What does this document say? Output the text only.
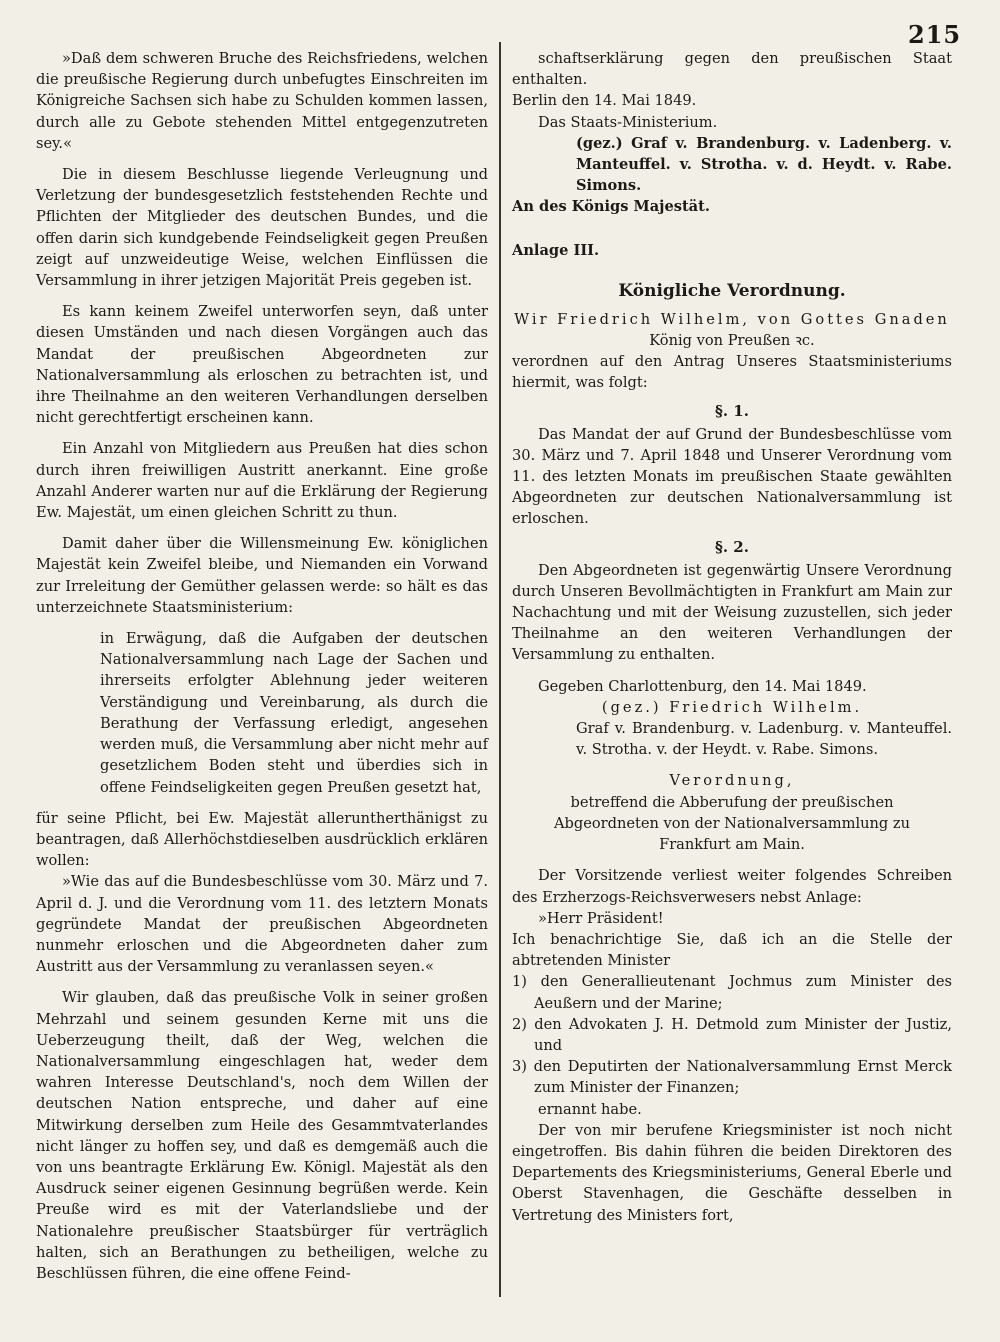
215

»Daß dem schweren Bruche des Reichsfriedens, welchen die preußische Regierung durch unbefugtes Einschreiten im Königreiche Sachsen sich habe zu Schulden kommen lassen, durch alle zu Gebote stehenden Mittel entgegenzutreten sey.«

Die in diesem Beschlusse liegende Verleugnung und Verletzung der bundesgesetzlich feststehenden Rechte und Pflichten der Mitglieder des deutschen Bundes, und die offen darin sich kundgebende Feindseligkeit gegen Preußen zeigt auf unzweideutige Weise, welchen Einflüssen die Versammlung in ihrer jetzigen Majorität Preis gegeben ist.

Es kann keinem Zweifel unterworfen seyn, daß unter diesen Umständen und nach diesen Vorgängen auch das Mandat der preußischen Abgeordneten zur Nationalversammlung als erloschen zu betrachten ist, und ihre Theilnahme an den weiteren Verhandlungen derselben nicht gerechtfertigt erscheinen kann.

Ein Anzahl von Mitgliedern aus Preußen hat dies schon durch ihren freiwilligen Austritt anerkannt. Eine große Anzahl Anderer warten nur auf die Erklärung der Regierung Ew. Majestät, um einen gleichen Schritt zu thun.

Damit daher über die Willensmeinung Ew. königlichen Majestät kein Zweifel bleibe, und Niemanden ein Vorwand zur Irreleitung der Gemüther gelassen werde: so hält es das unterzeichnete Staatsministerium:

in Erwägung, daß die Aufgaben der deutschen Nationalversammlung nach Lage der Sachen und ihrerseits erfolgter Ablehnung jeder weiteren Verständigung und Vereinbarung, als durch die Berathung der Verfassung erledigt, angesehen werden muß, die Versammlung aber nicht mehr auf gesetzlichem Boden steht und überdies sich in offene Feindseligkeiten gegen Preußen gesetzt hat,

für seine Pflicht, bei Ew. Majestät alleruntherthänigst zu beantragen, daß Allerhöchstdieselben ausdrücklich erklären wollen:

»Wie das auf die Bundesbeschlüsse vom 30. März und 7. April d. J. und die Verordnung vom 11. des letztern Monats gegründete Mandat der preußischen Abgeordneten nunmehr erloschen und die Abgeordneten daher zum Austritt aus der Versammlung zu veranlassen seyen.«

Wir glauben, daß das preußische Volk in seiner großen Mehrzahl und seinem gesunden Kerne mit uns die Ueberzeugung theilt, daß der Weg, welchen die Nationalversammlung eingeschlagen hat, weder dem wahren Interesse Deutschland's, noch dem Willen der deutschen Nation entspreche, und daher auf eine Mitwirkung derselben zum Heile des Gesammtvaterlandes nicht länger zu hoffen sey, und daß es demgemäß auch die von uns beantragte Erklärung Ew. Königl. Majestät als den Ausdruck seiner eigenen Gesinnung begrüßen werde. Kein Preuße wird es mit der Vaterlandsliebe und der Nationalehre preußischer Staatsbürger für verträglich halten, sich an Berathungen zu betheiligen, welche zu Beschlüssen führen, die eine offene Feind-

schaftserklärung gegen den preußischen Staat enthalten.

Berlin den 14. Mai 1849.

Das Staats-Ministerium.

(gez.) Graf v. Brandenburg. v. Ladenberg. v. Manteuffel. v. Strotha. v. d. Heydt. v. Rabe. Simons.

An des Königs Majestät.

Anlage III.

Königliche Verordnung.

Wir Friedrich Wilhelm, von Gottes Gnaden

König von Preußen ꝛc.

verordnen auf den Antrag Unseres Staatsministeriums hiermit, was folgt:

§. 1.

Das Mandat der auf Grund der Bundesbeschlüsse vom 30. März und 7. April 1848 und Unserer Verordnung vom 11. des letzten Monats im preußischen Staate gewählten Abgeordneten zur deutschen Nationalversammlung ist erloschen.

§. 2.

Den Abgeordneten ist gegenwärtig Unsere Verordnung durch Unseren Bevollmächtigten in Frankfurt am Main zur Nachachtung und mit der Weisung zuzustellen, sich jeder Theilnahme an den weiteren Verhandlungen der Versammlung zu enthalten.

Gegeben Charlottenburg, den 14. Mai 1849.

(gez.) Friedrich Wilhelm.

Graf v. Brandenburg. v. Ladenburg. v. Manteuffel. v. Strotha. v. der Heydt. v. Rabe. Simons.

Verordnung,

betreffend die Abberufung der preußischen Abgeordneten von der Nationalversammlung zu Frankfurt am Main.

Der Vorsitzende verliest weiter folgendes Schreiben des Erzherzogs-Reichsverwesers nebst Anlage:

»Herr Präsident!

Ich benachrichtige Sie, daß ich an die Stelle der abtretenden Minister

1) den Generallieutenant Jochmus zum Minister des Aeußern und der Marine;

2) den Advokaten J. H. Detmold zum Minister der Justiz, und

3) den Deputirten der Nationalversammlung Ernst Merck zum Minister der Finanzen;

ernannt habe.

Der von mir berufene Kriegsminister ist noch nicht eingetroffen. Bis dahin führen die beiden Direktoren des Departements des Kriegsministeriums, General Eberle und Oberst Stavenhagen, die Geschäfte desselben in Vertretung des Ministers fort,
